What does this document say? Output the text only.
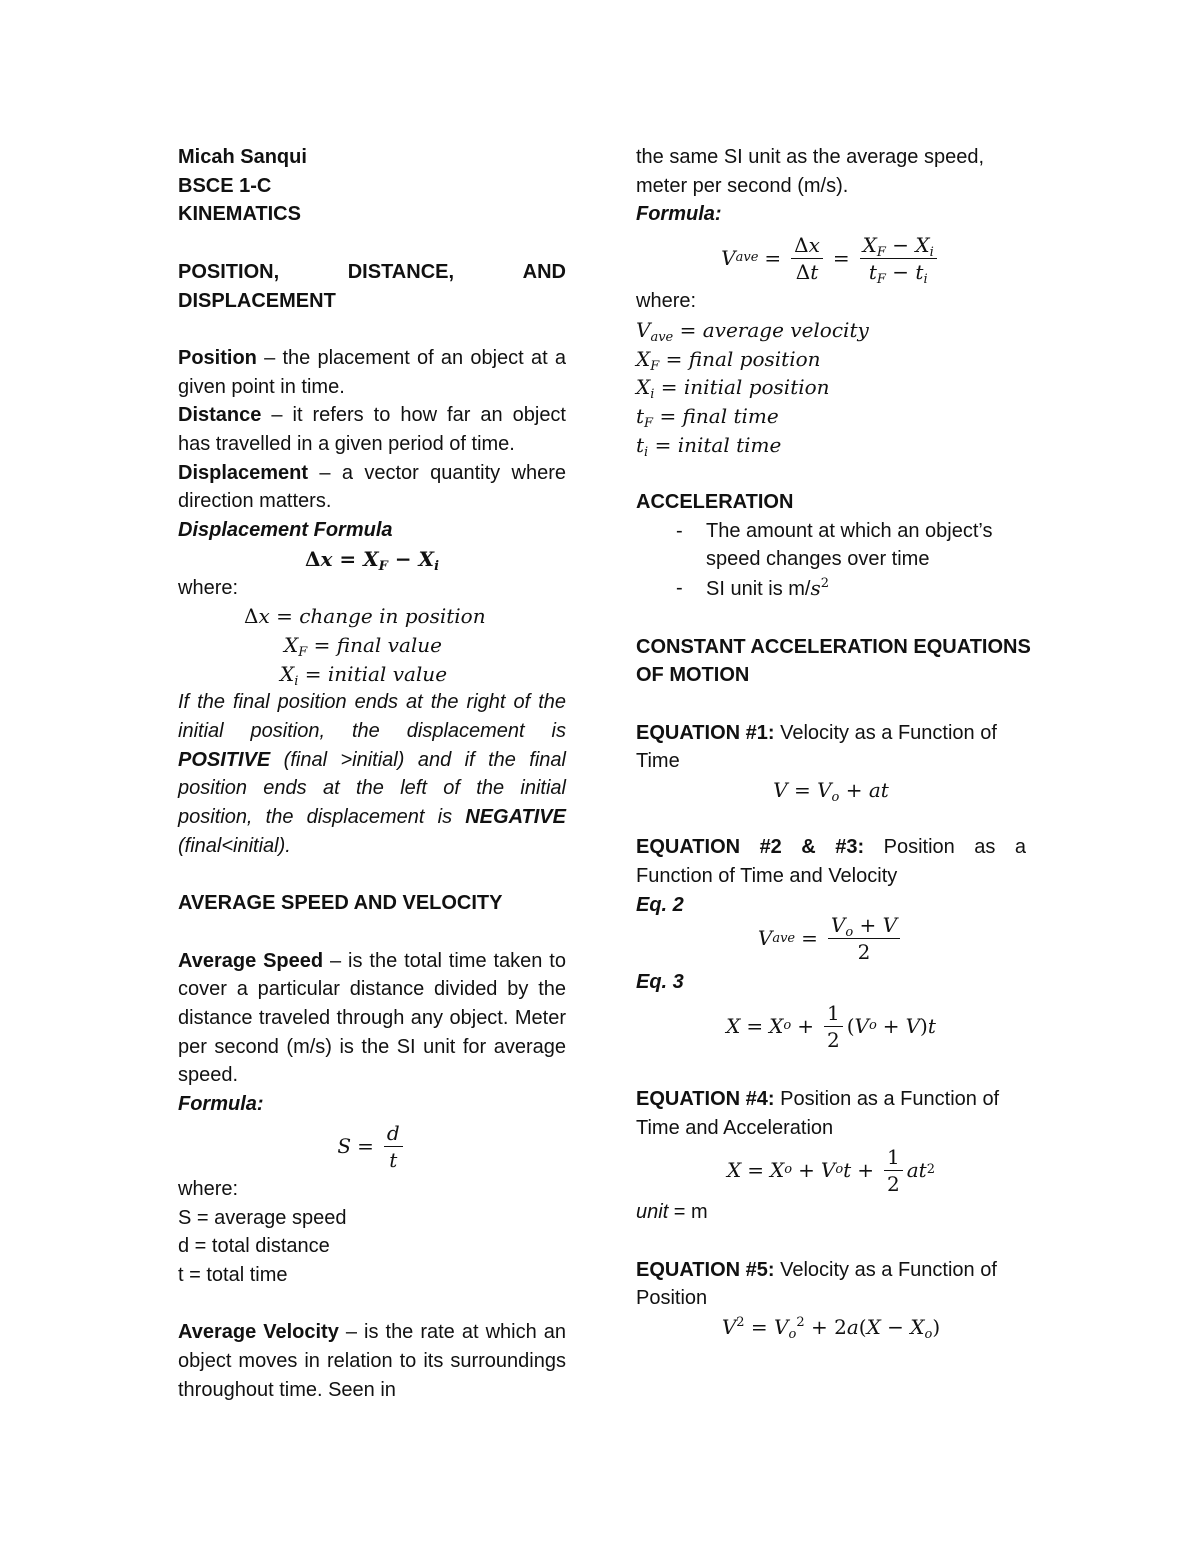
Micah Sanqui
BSCE 1-C
KINEMATICS
POSITION,	DISTANCE,	AND
DISPLACEMENT
Position – the placement of an object at a given point in time.
Distance – it refers to how far an object has travelled in a given period of time.
Displacement – a vector quantity where direction matters.
Displacement Formula
$\Delta x = X_F - X_i$
where:
Δx = change in position
$X_F$ = final value
$X_i$ = initial value
If the final position ends at the right of the initial position, the displacement is POSITIVE (final >initial) and if the final position ends at the left of the initial position, the displacement is NEGATIVE (final<initial).
AVERAGE SPEED AND VELOCITY
Average Speed – is the total time taken to cover a particular distance divided by the distance traveled through any object. Meter per second (m/s) is the SI unit for average speed.
Formula:
$S = \frac{d}{t}$
where:
S = average speed
d = total distance
t = total time
Average Velocity – is the rate at which an object moves in relation to its surroundings throughout time. Seen in
the same SI unit as the average speed,
meter per second (m/s).
Formula:
V ave = $\frac{\Delta x}{\Delta t} = \frac{X_F - X_i}{t_F - t_i}$
where:
$V_{ave}$ = average velocity
$X_F$ = final position
$X_i$ = initial position
$t_F$ = final time
$t_i$ = inital time
ACCELERATION
-	The amount at which an object’s speed changes over time
-	SI unit is $m/s^2$
CONSTANT ACCELERATION EQUATIONS
OF MOTION
EQUATION #1: Velocity as a Function of
Time
$V = V_o$ + at
EQUATION #2 & #3: Position as a
Function of Time and Velocity
Eq. 2
V ave = $\frac{V_o + V}{2}$
Eq. 3
X = X $o + \frac{1}{2}$ ( V o + V ) t
EQUATION #4: Position as a Function of
Time and Acceleration
X = X o + V o $t + \frac{1}{2}$ at 2
unit = m
EQUATION #5: Velocity as a Function of
Position
$V^2 = V_o^2 + 2a(X - X_o)$
